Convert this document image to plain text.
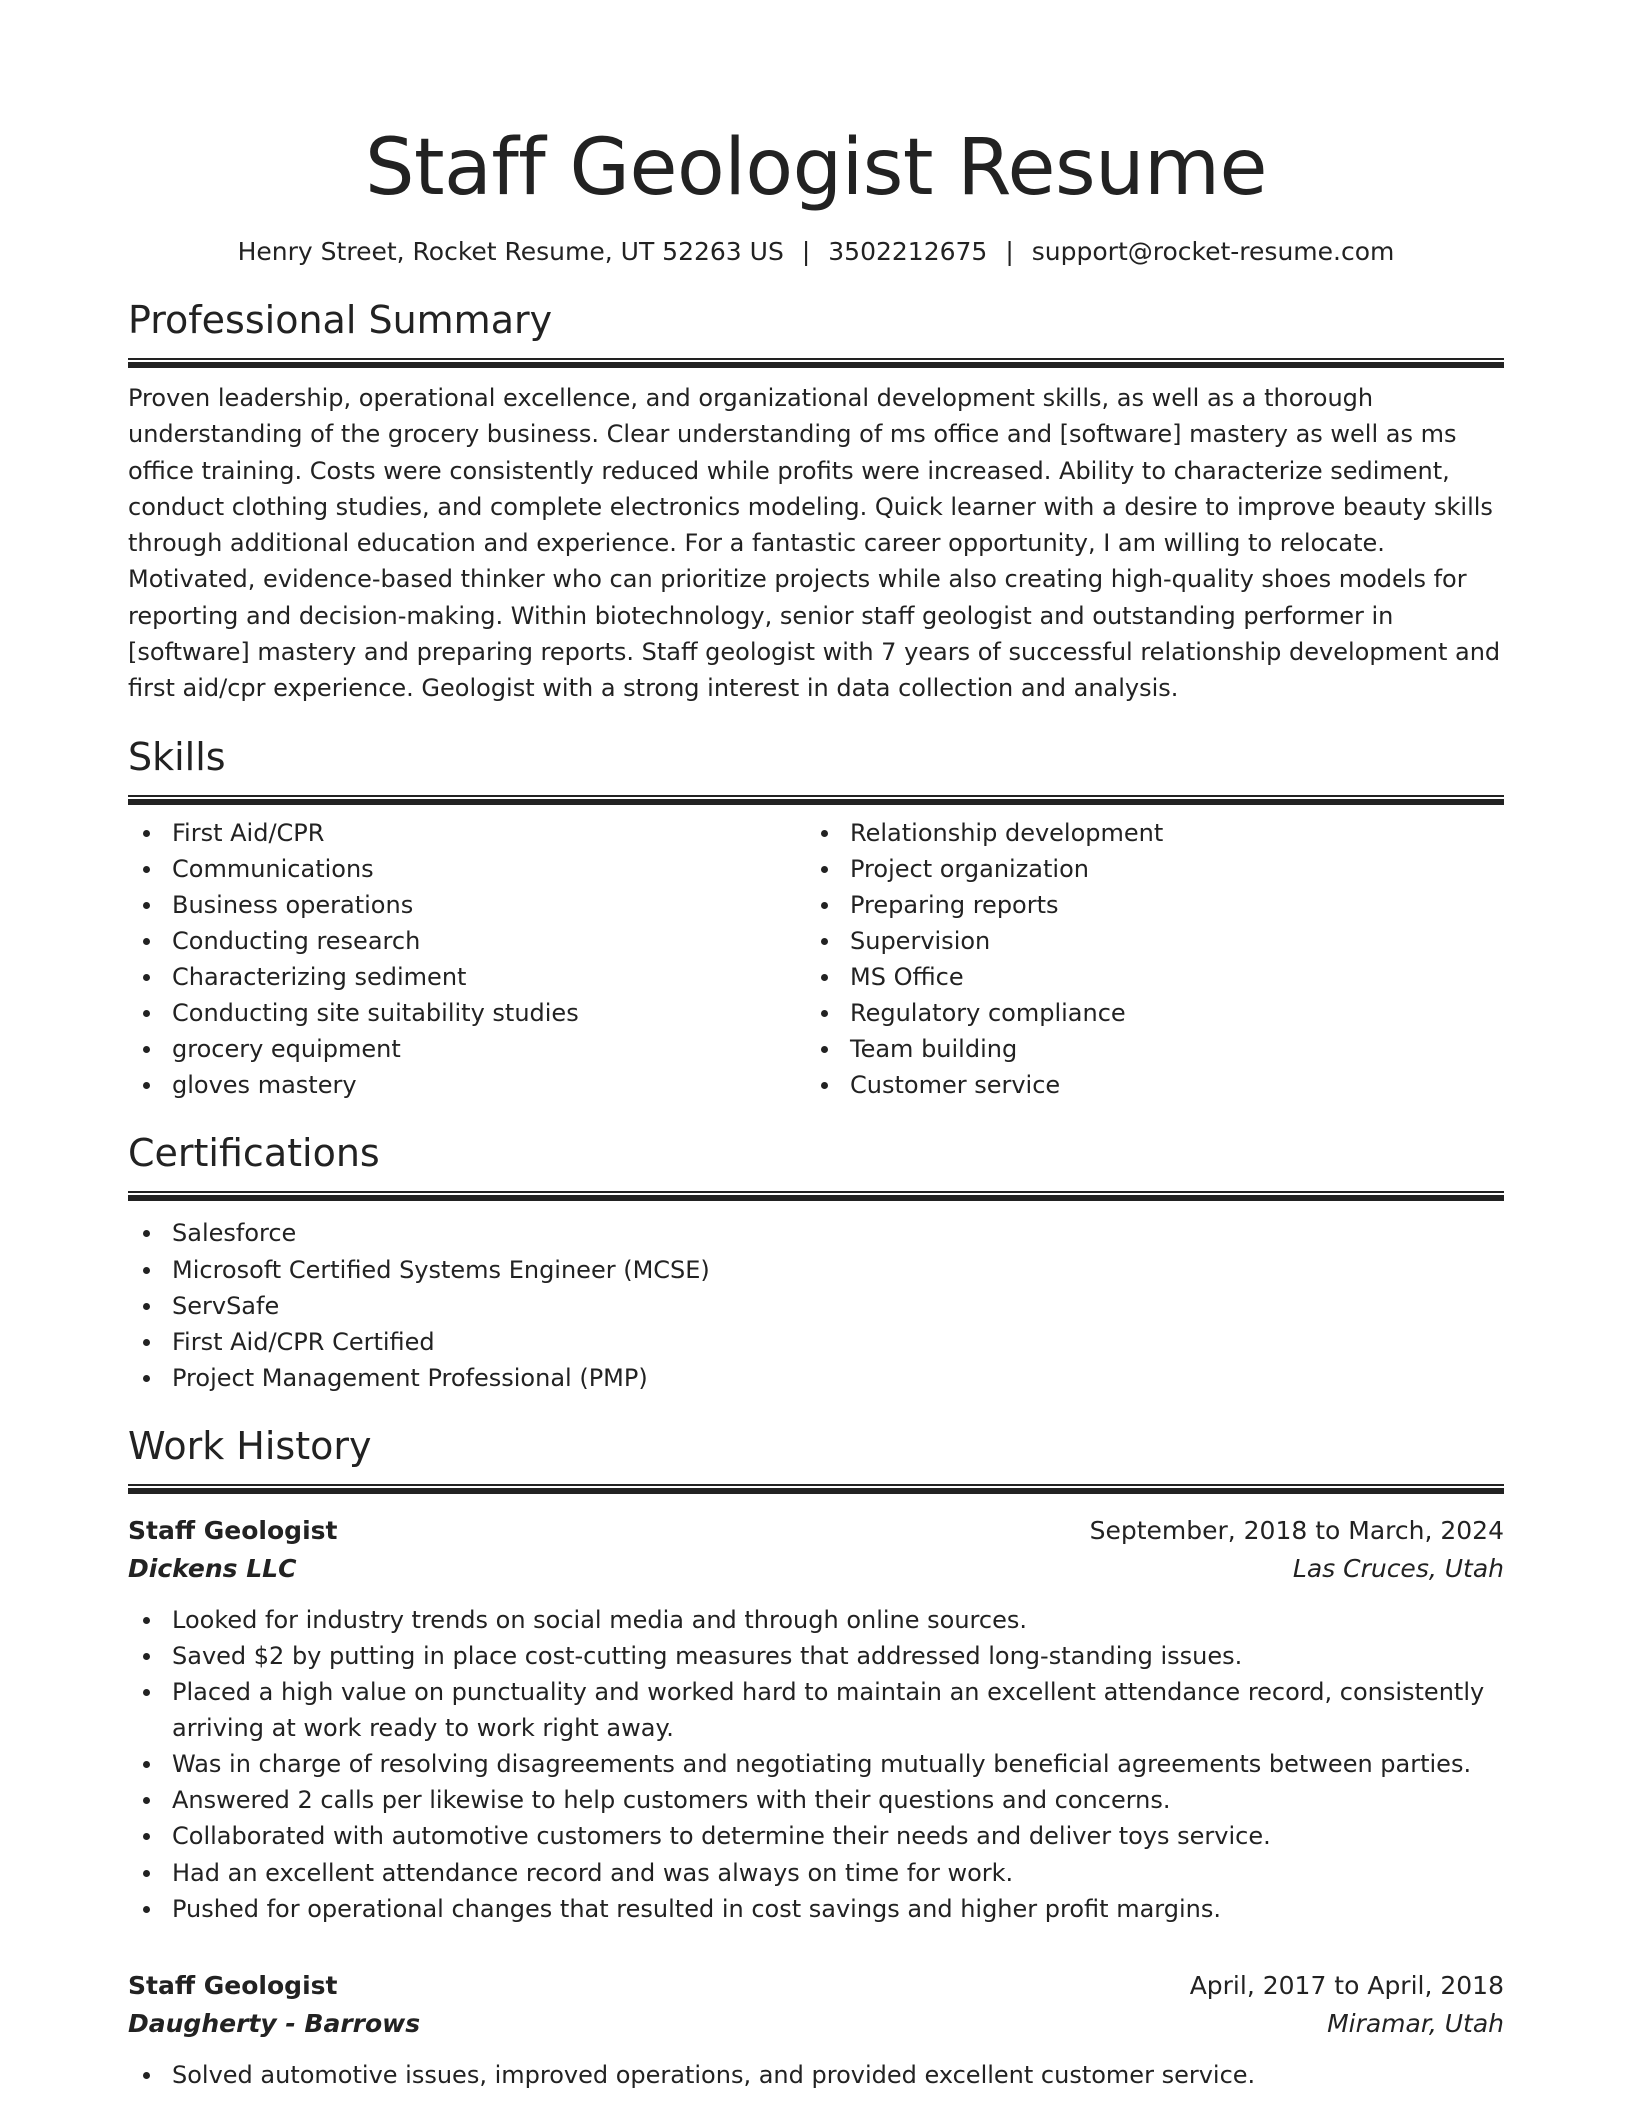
Staff Geologist Resume
Henry Street, Rocket Resume, UT 52263 US | 3502212675 | support@rocket-resume.com
Professional Summary

Proven leadership, operational excellence, and organizational development skills, as well as a thorough understanding of the grocery business. Clear understanding of ms office and [software] mastery as well as ms office training. Costs were consistently reduced while profits were increased. Ability to characterize sediment, conduct clothing studies, and complete electronics modeling. Quick learner with a desire to improve beauty skills through additional education and experience. For a fantastic career opportunity, I am willing to relocate. Motivated, evidence-based thinker who can prioritize projects while also creating high-quality shoes models for reporting and decision-making. Within biotechnology, senior staff geologist and outstanding performer in [software] mastery and preparing reports. Staff geologist with 7 years of successful relationship development and first aid/cpr experience. Geologist with a strong interest in data collection and analysis.

Skills
First Aid/CPR
Communications
Business operations
Conducting research
Characterizing sediment
Conducting site suitability studies
grocery equipment
gloves mastery
Relationship development
Project organization
Preparing reports
Supervision
MS Office
Regulatory compliance
Team building
Customer service
Certifications
Salesforce
Microsoft Certified Systems Engineer (MCSE)
ServSafe
First Aid/CPR Certified
Project Management Professional (PMP)
Work History
Staff Geologist	September, 2018 to March, 2024
Dickens LLC	Las Cruces, Utah
Looked for industry trends on social media and through online sources.
Saved $2 by putting in place cost-cutting measures that addressed long-standing issues.
Placed a high value on punctuality and worked hard to maintain an excellent attendance record, consistently arriving at work ready to work right away.
Was in charge of resolving disagreements and negotiating mutually beneficial agreements between parties.
Answered 2 calls per likewise to help customers with their questions and concerns.
Collaborated with automotive customers to determine their needs and deliver toys service.
Had an excellent attendance record and was always on time for work.
Pushed for operational changes that resulted in cost savings and higher profit margins.
Staff Geologist	April, 2017 to April, 2018
Daugherty - Barrows	Miramar, Utah
Solved automotive issues, improved operations, and provided excellent customer service.
